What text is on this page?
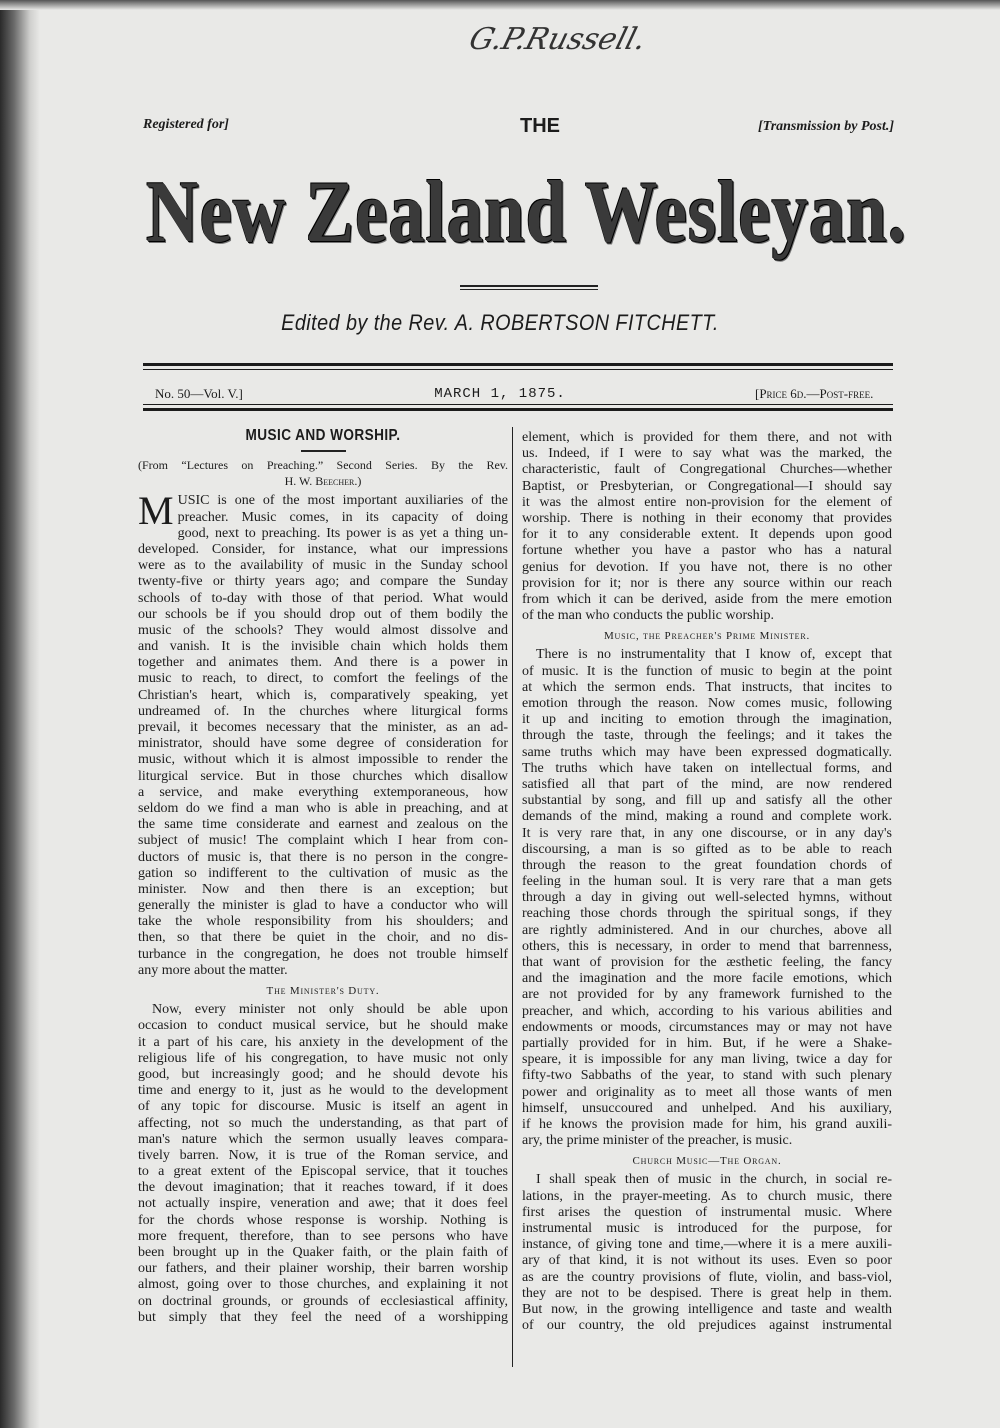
G.P.Russell.
Registered for]	THE	[Transmission by Post.]
New Zealand Wesleyan.
Edited by the Rev. A. ROBERTSON FITCHETT.
No. 50—Vol. V.]	MARCH 1, 1875.	[Price 6d.—Post-free.
MUSIC AND WORSHIP.
(From “Lectures on Preaching.” Second Series. By the Rev.
H. W. Beecher.)
M USIC is one of the most important auxiliaries of the
preacher. Music comes, in its capacity of doing
good, next to preaching. Its power is as yet a thing un-
developed. Consider, for instance, what our impressions
were as to the availability of music in the Sunday school
twenty-five or thirty years ago; and compare the Sunday
schools of to-day with those of that period. What would
our schools be if you should drop out of them bodily the
music of the schools? They would almost dissolve and
and vanish. It is the invisible chain which holds them
together and animates them. And there is a power in
music to reach, to direct, to comfort the feelings of the
Christian's heart, which is, comparatively speaking, yet
undreamed of. In the churches where liturgical forms
prevail, it becomes necessary that the minister, as an ad-
ministrator, should have some degree of consideration for
music, without which it is almost impossible to render the
liturgical service. But in those churches which disallow
a service, and make everything extemporaneous, how
seldom do we find a man who is able in preaching, and at
the same time considerate and earnest and zealous on the
subject of music! The complaint which I hear from con-
ductors of music is, that there is no person in the congre-
gation so indifferent to the cultivation of music as the
minister. Now and then there is an exception; but
generally the minister is glad to have a conductor who will
take the whole responsibility from his shoulders; and
then, so that there be quiet in the choir, and no dis-
turbance in the congregation, he does not trouble himself
any more about the matter.
The Minister's Duty.
Now, every minister not only should be able upon
occasion to conduct musical service, but he should make
it a part of his care, his anxiety in the development of the
religious life of his congregation, to have music not only
good, but increasingly good; and he should devote his
time and energy to it, just as he would to the development
of any topic for discourse. Music is itself an agent in
affecting, not so much the understanding, as that part of
man's nature which the sermon usually leaves compara-
tively barren. Now, it is true of the Roman service, and
to a great extent of the Episcopal service, that it touches
the devout imagination; that it reaches toward, if it does
not actually inspire, veneration and awe; that it does feel
for the chords whose response is worship. Nothing is
more frequent, therefore, than to see persons who have
been brought up in the Quaker faith, or the plain faith of
our fathers, and their plainer worship, their barren worship
almost, going over to those churches, and explaining it not
on doctrinal grounds, or grounds of ecclesiastical affinity,
but simply that they feel the need of a worshipping
element, which is provided for them there, and not with
us. Indeed, if I were to say what was the marked, the
characteristic, fault of Congregational Churches—whether
Baptist, or Presbyterian, or Congregational—I should say
it was the almost entire non-provision for the element of
worship. There is nothing in their economy that provides
for it to any considerable extent. It depends upon good
fortune whether you have a pastor who has a natural
genius for devotion. If you have not, there is no other
provision for it; nor is there any source within our reach
from which it can be derived, aside from the mere emotion
of the man who conducts the public worship.
Music, the Preacher's Prime Minister.
There is no instrumentality that I know of, except that
of music. It is the function of music to begin at the point
at which the sermon ends. That instructs, that incites to
emotion through the reason. Now comes music, following
it up and inciting to emotion through the imagination,
through the taste, through the feelings; and it takes the
same truths which may have been expressed dogmatically.
The truths which have taken on intellectual forms, and
satisfied all that part of the mind, are now rendered
substantial by song, and fill up and satisfy all the other
demands of the mind, making a round and complete work.
It is very rare that, in any one discourse, or in any day's
discoursing, a man is so gifted as to be able to reach
through the reason to the great foundation chords of
feeling in the human soul. It is very rare that a man gets
through a day in giving out well-selected hymns, without
reaching those chords through the spiritual songs, if they
are rightly administered. And in our churches, above all
others, this is necessary, in order to mend that barrenness,
that want of provision for the æsthetic feeling, the fancy
and the imagination and the more facile emotions, which
are not provided for by any framework furnished to the
preacher, and which, according to his various abilities and
endowments or moods, circumstances may or may not have
partially provided for in him. But, if he were a Shake-
speare, it is impossible for any man living, twice a day for
fifty-two Sabbaths of the year, to stand with such plenary
power and originality as to meet all those wants of men
himself, unsuccoured and unhelped. And his auxiliary,
if he knows the provision made for him, his grand auxili-
ary, the prime minister of the preacher, is music.
Church Music—The Organ.
I shall speak then of music in the church, in social re-
lations, in the prayer-meeting. As to church music, there
first arises the question of instrumental music. Where
instrumental music is introduced for the purpose, for
instance, of giving tone and time,—where it is a mere auxili-
ary of that kind, it is not without its uses. Even so poor
as are the country provisions of flute, violin, and bass-viol,
they are not to be despised. There is great help in them.
But now, in the growing intelligence and taste and wealth
of our country, the old prejudices against instrumental
